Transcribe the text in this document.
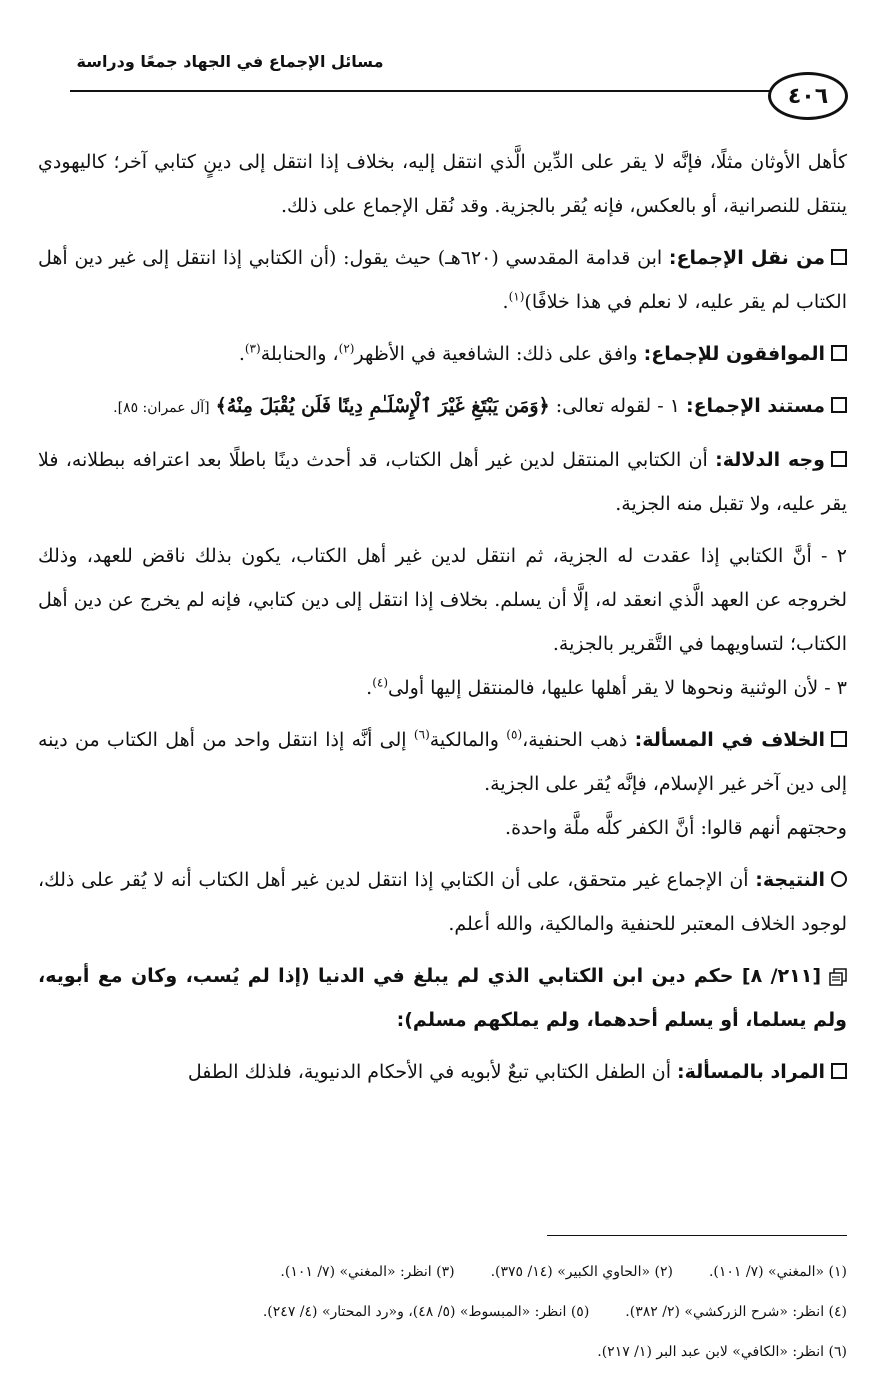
مسائل الإجماع في الجهاد جمعًا ودراسة
٤٠٦

كأهل الأوثان مثلًا، فإنَّه لا يقر على الدِّين الَّذي انتقل إليه، بخلاف إذا انتقل إلى دينٍ كتابي آخر؛ كاليهودي ينتقل للنصرانية، أو بالعكس، فإنه يُقر بالجزية. وقد نُقل الإجماع على ذلك.

من نقل الإجماع: ابن قدامة المقدسي (٦٢٠هـ) حيث يقول: (أن الكتابي إذا انتقل إلى غير دين أهل الكتاب لم يقر عليه، لا نعلم في هذا خلافًا)$^{(١)}$.

الموافقون للإجماع: وافق على ذلك: الشافعية في الأظهر$^{(٢)}$، والحنابلة$^{(٣)}$.

مستند الإجماع: ١ - لقوله تعالى: ﴿وَمَن يَبْتَغِ غَيْرَ ٱلْإِسْلَـٰمِ دِينًا فَلَن يُقْبَلَ مِنْهُ﴾ [آل عمران: ٨٥].

وجه الدلالة: أن الكتابي المنتقل لدين غير أهل الكتاب، قد أحدث دينًا باطلًا بعد اعترافه ببطلانه، فلا يقر عليه، ولا تقبل منه الجزية.

٢ - أنَّ الكتابي إذا عقدت له الجزية، ثم انتقل لدين غير أهل الكتاب، يكون بذلك ناقض للعهد، وذلك لخروجه عن العهد الَّذي انعقد له، إلَّا أن يسلم. بخلاف إذا انتقل إلى دين كتابي، فإنه لم يخرج عن دين أهل الكتاب؛ لتساويهما في التَّقرير بالجزية.

٣ - لأن الوثنية ونحوها لا يقر أهلها عليها، فالمنتقل إليها أولى$^{(٤)}$.

الخلاف في المسألة: ذهب الحنفية،$^{(٥)}$ والمالكية$^{(٦)}$ إلى أنَّه إذا انتقل واحد من أهل الكتاب من دينه إلى دين آخر غير الإسلام، فإنَّه يُقر على الجزية.

وحجتهم أنهم قالوا: أنَّ الكفر كلَّه ملَّة واحدة.

النتيجة: أن الإجماع غير متحقق، على أن الكتابي إذا انتقل لدين غير أهل الكتاب أنه لا يُقر على ذلك، لوجود الخلاف المعتبر للحنفية والمالكية، والله أعلم.

[٢١١/ ٨] حكم دين ابن الكتابي الذي لم يبلغ في الدنيا (إذا لم يُسب، وكان مع أبويه، ولم يسلما، أو يسلم أحدهما، ولم يملكهم مسلم):

المراد بالمسألة: أن الطفل الكتابي تبعٌ لأبويه في الأحكام الدنيوية، فلذلك الطفل

(١) «المغني» (٧/ ١٠١).
(٢) «الحاوي الكبير» (١٤/ ٣٧٥).
(٣) انظر: «المغني» (٧/ ١٠١).
(٤) انظر: «شرح الزركشي» (٢/ ٣٨٢).
(٥) انظر: «المبسوط» (٥/ ٤٨)، و«رد المحتار» (٤/ ٢٤٧).
(٦) انظر: «الكافي» لابن عبد البر (١/ ٢١٧).
